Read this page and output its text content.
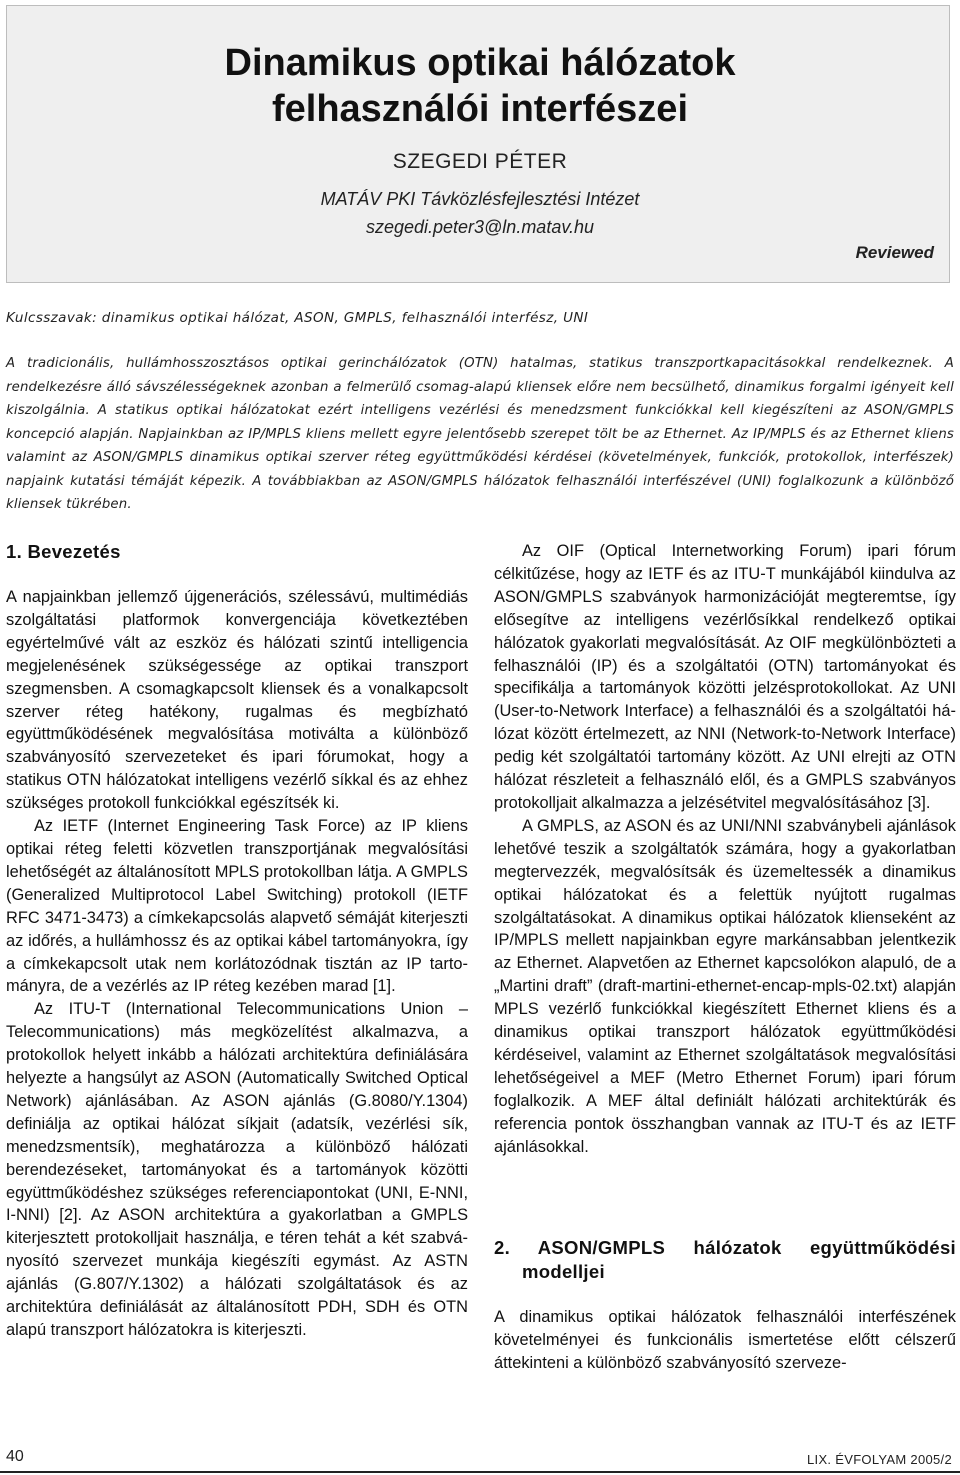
Dinamikus optikai hálózatok
felhasználói interfészei
SZEGEDI PÉTER
MATÁV PKI Távközlésfejlesztési Intézet
szegedi.peter3@ln.matav.hu
Reviewed
Kulcsszavak: dinamikus optikai hálózat, ASON, GMPLS, felhasználói interfész, UNI

A tradicionális, hullámhosszosztásos optikai gerinchálózatok (OTN) hatalmas, statikus transzportkapacitásokkal rendelkeznek. A rendelkezésre álló sávszélességeknek azonban a felmerülő csomag-alapú kliensek előre nem becsülhető, dinamikus forgalmi igényeit kell kiszolgálnia. A statikus optikai hálózatokat ezért intelligens vezérlési és menedzsment funkciókkal kell kiegészíteni az ASON/GMPLS koncepció alapján. Napjainkban az IP/MPLS kliens mellett egyre jelentősebb szerepet tölt be az Ethernet. Az IP/MPLS és az Ethernet kliens valamint az ASON/GMPLS dinamikus optikai szerver réteg együttműködési kérdései (követelmények, funkciók, protokollok, interfészek) napjaink kutatási témáját képezik. A továbbiakban az ASON/GMPLS hálózatok felhasználói interfészével (UNI) foglalkozunk a különböző kliensek tükrében.

1. Bevezetés

A napjainkban jellemző újgenerációs, szélessávú, multimédiás szolgáltatási platformok konvergenciája következtében egyértelművé vált az eszköz és hálózati szintű intelligencia megjelenésének szükségessége az optikai transzport szegmensben. A csomagkapcsolt kliensek és a vonalkapcsolt szerver réteg hatékony, rugalmas és megbízható együttműködésének megvalósítása motiválta a különböző szabványosító szervezeteket és ipari fórumokat, hogy a statikus OTN hálózatokat intelligens vezérlő síkkal és az ehhez szükséges protokoll funkciókkal egészítsék ki.

Az IETF (Internet Engineering Task Force) az IP kliens optikai réteg feletti közvetlen transzportjának megvalósítási lehetőségét az általánosított MPLS protokollban látja. A GMPLS (Generalized Multiprotocol Label Switching) protokoll (IETF RFC 3471-3473) a címkekapcsolás alapvető sémáját kiterjeszti az időrés, a hullámhossz és az optikai kábel tartományokra, így a címkekapcsolt utak nem korlátozódnak tisztán az IP tartományra, de a vezérlés az IP réteg kezében marad [1].

Az ITU-T (International Telecommunications Union – Telecommunications) más megközelítést alkalmazva, a protokollok helyett inkább a hálózati architektúra definiálására helyezte a hangsúlyt az ASON (Automatically Switched Optical Network) ajánlásában. Az ASON ajánlás (G.8080/Y.1304) definiálja az optikai hálózat síkjait (adatsík, vezérlési sík, menedzsmentsík), meghatározza a különböző hálózati berendezéseket, tartományokat és a tartományok közötti együttműködéshez szükséges referenciapontokat (UNI, E-NNI, I-NNI) [2]. Az ASON architektúra a gyakorlatban a GMPLS kiterjesztett protokolljait használja, e téren tehát a két szabványosító szervezet munkája kiegészíti egymást. Az ASTN ajánlás (G.807/Y.1302) a hálózati szolgáltatások és az architektúra definiálását az általánosított PDH, SDH és OTN alapú transzport hálózatokra is kiterjeszti.

Az OIF (Optical Internetworking Forum) ipari fórum célkitűzése, hogy az IETF és az ITU-T munkájából kiindulva az ASON/GMPLS szabványok harmonizációját megteremtse, így elősegítve az intelligens vezérlősíkkal rendelkező optikai hálózatok gyakorlati megvalósítását. Az OIF megkülönbözteti a felhasználói (IP) és a szolgáltatói (OTN) tartományokat és specifikálja a tartományok közötti jelzésprotokollokat. Az UNI (User-to-Network Interface) a felhasználói és a szolgáltatói hálózat között értelmezett, az NNI (Network-to-Network Interface) pedig két szolgáltatói tartomány között. Az UNI elrejti az OTN hálózat részleteit a felhasználó elől, és a GMPLS szabványos protokolljait alkalmazza a jelzésétvitel megvalósításához [3].

A GMPLS, az ASON és az UNI/NNI szabványbeli ajánlások lehetővé teszik a szolgáltatók számára, hogy a gyakorlatban megtervezzék, megvalósítsák és üzemeltessék a dinamikus optikai hálózatokat és a felettük nyújtott rugalmas szolgáltatásokat. A dinamikus optikai hálózatok klienseként az IP/MPLS mellett napjainkban egyre markánsabban jelentkezik az Ethernet. Alapvetően az Ethernet kapcsolókon alapuló, de a „Martini draft” (draft-martini-ethernet-encap-mpls-02.txt) alapján MPLS vezérlő funkciókkal kiegészített Ethernet kliens és a dinamikus optikai transzport hálózatok együttműködési kérdéseivel, valamint az Ethernet szolgáltatások megvalósítási lehetőségeivel a MEF (Metro Ethernet Forum) ipari fórum foglalkozik. A MEF által definiált hálózati architektúrák és referencia pontok összhangban vannak az ITU-T és az IETF ajánlásokkal.

2. ASON/GMPLS hálózatok együttműködési modelljei

A dinamikus optikai hálózatok felhasználói interfészének követelményei és funkcionális ismertetése előtt célszerű áttekinteni a különböző szabványosító szerveze-

40	LIX. ÉVFOLYAM 2005/2
